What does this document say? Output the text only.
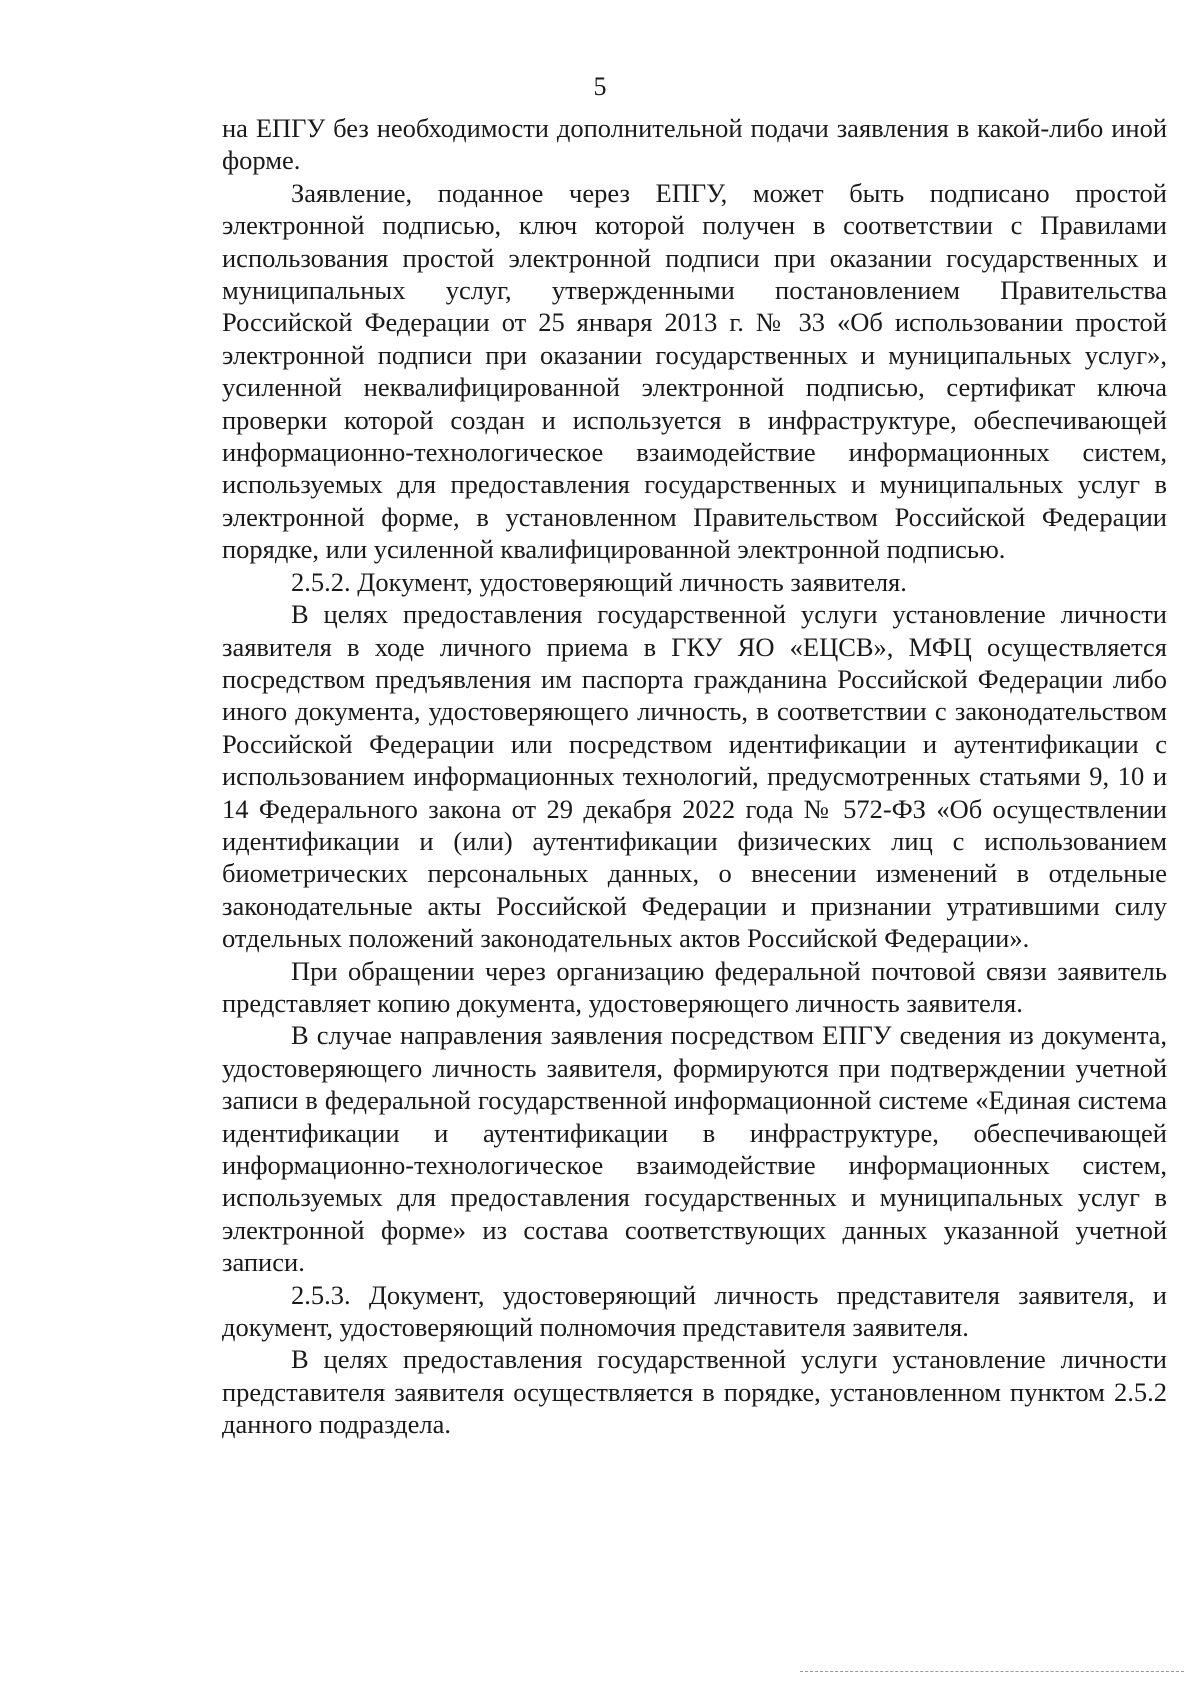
5

на ЕПГУ без необходимости дополнительной подачи заявления в какой-либо иной форме.

Заявление, поданное через ЕПГУ, может быть подписано простой электронной подписью, ключ которой получен в соответствии с Правилами использования простой электронной подписи при оказании государственных и муниципальных услуг, утвержденными постановлением Правительства Российской Федерации от 25 января 2013 г. № 33 «Об использовании простой электронной подписи при оказании государственных и муниципальных услуг», усиленной неквалифицированной электронной подписью, сертификат ключа проверки которой создан и используется в инфраструктуре, обеспечивающей информационно-технологическое взаимодействие информационных систем, используемых для предоставления государственных и муниципальных услуг в электронной форме, в установленном Правительством Российской Федерации порядке, или усиленной квалифицированной электронной подписью.

2.5.2. Документ, удостоверяющий личность заявителя.

В целях предоставления государственной услуги установление личности заявителя в ходе личного приема в ГКУ ЯО «ЕЦСВ», МФЦ осуществляется посредством предъявления им паспорта гражданина Российской Федерации либо иного документа, удостоверяющего личность, в соответствии с законодательством Российской Федерации или посредством идентификации и аутентификации с использованием информационных технологий, предусмотренных статьями 9, 10 и 14 Федерального закона от 29 декабря 2022 года № 572-ФЗ «Об осуществлении идентификации и (или) аутентификации физических лиц с использованием биометрических персональных данных, о внесении изменений в отдельные законодательные акты Российской Федерации и признании утратившими силу отдельных положений законодательных актов Российской Федерации».

При обращении через организацию федеральной почтовой связи заявитель представляет копию документа, удостоверяющего личность заявителя.

В случае направления заявления посредством ЕПГУ сведения из документа, удостоверяющего личность заявителя, формируются при подтверждении учетной записи в федеральной государственной информационной системе «Единая система идентификации и аутентификации в инфраструктуре, обеспечивающей информационно-технологическое взаимодействие информационных систем, используемых для предоставления государственных и муниципальных услуг в электронной форме» из состава соответствующих данных указанной учетной записи.

2.5.3. Документ, удостоверяющий личность представителя заявителя, и документ, удостоверяющий полномочия представителя заявителя.

В целях предоставления государственной услуги установление личности представителя заявителя осуществляется в порядке, установленном пунктом 2.5.2 данного подраздела.
